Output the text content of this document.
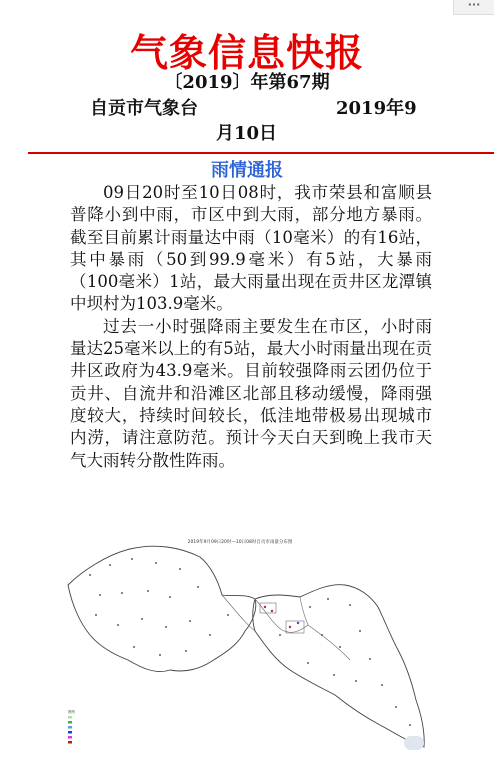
···
气象信息快报
〔2019〕年第67期
自贡市气象台	2019年9
月10日
雨情通报

09日20时至10日08时，我市荣县和富顺县普降小到中雨，市区中到大雨，部分地方暴雨。截至目前累计雨量达中雨（10毫米）的有16站，其中暴雨（50到99.9毫米）有5站，大暴雨（100毫米）1站，最大雨量出现在贡井区龙潭镇中坝村为103.9毫米。

过去一小时强降雨主要发生在市区，小时雨量达25毫米以上的有5站，最大小时雨量出现在贡井区政府为43.9毫米。目前较强降雨云团仍位于贡井、自流井和沿滩区北部且移动缓慢，降雨强度较大，持续时间较长，低洼地带极易出现城市内涝，请注意防范。预计今天白天到晚上我市天气大雨转分散性阵雨。

2019年9月09日20时—10日08时自贡市雨量分布图
图例
融媒自贡
